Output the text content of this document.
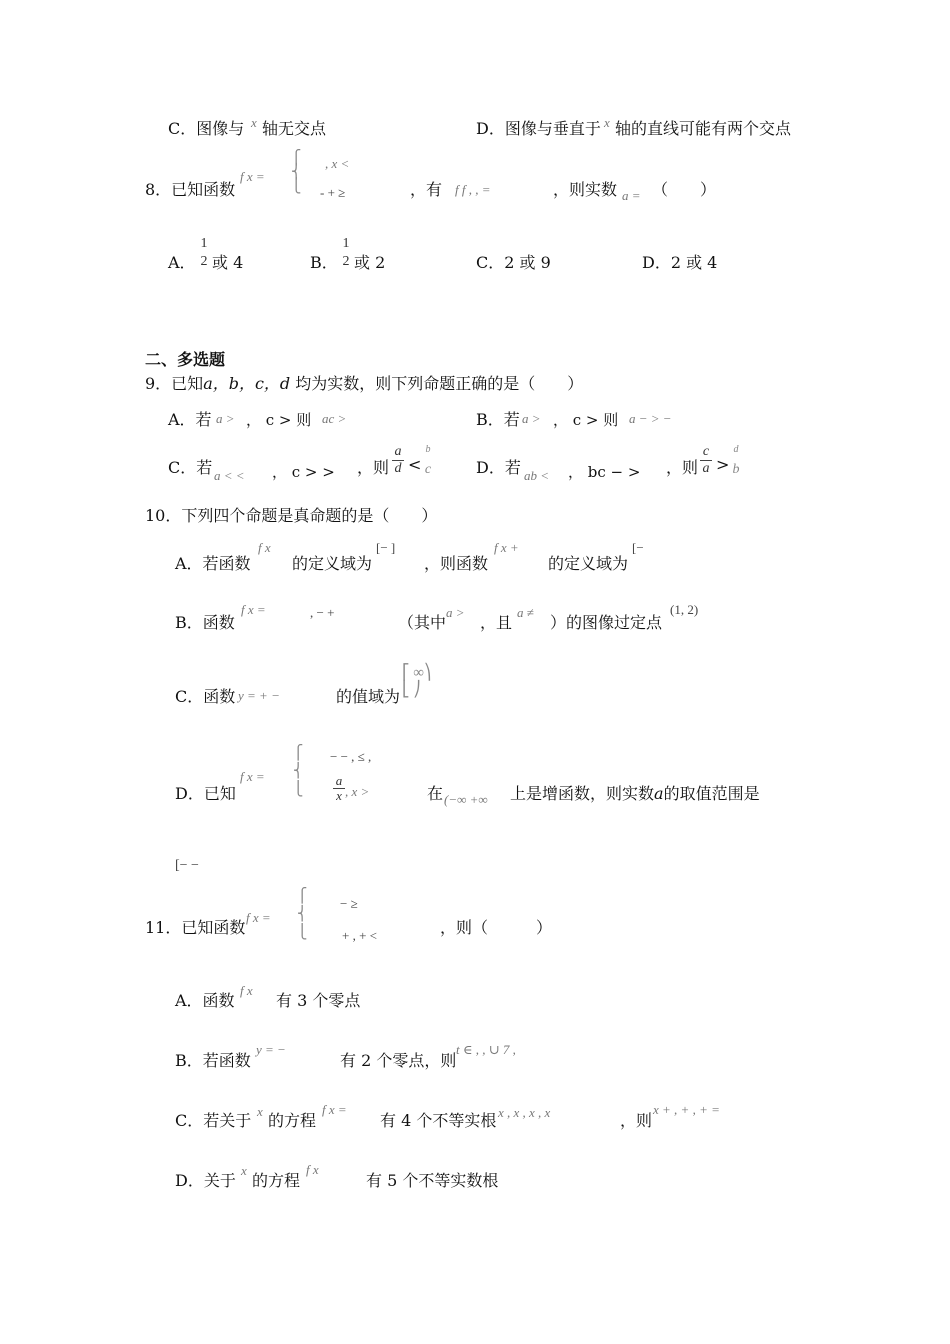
C．图像与 x 轴无交点	D．图像与垂直于 x 轴的直线可能有两个交点
8．已知函数
f x =
⎧
⎨
⎩
, x <
- + ≥	，有 f f , , =	，则实数 a = （　　）
A．
1
2 或 4	B．
1
2 或 2	C．2 或 9	D．2 或 4
二、多选题
9．已知a，b，c，d 均为实数，则下列命题正确的是（　　）
A．若 a > ， c > 则 ac >	B．若 a > ， c > 则 a − > −
C．若 a < < ， c > > ，则
a
d <
b
c	D．若 ab < ， bc − > ，则
c
a >
d
b
10．下列四个命题是真命题的是（　　）
A．若函数
f x
的定义域为
[− ]
，则函数
f x +
的定义域为
[−
B．函数
f x =	, − +
（其中
a >
，且
a ≠
）的图像过定点
(1, 2)
C．函数 y = + −	的值域为
⎡ ∞⎞
⎣ ⎠
D．已知
f x =
⎧
⎨
⎩
− − , ≤ ,
a
x , x >	在 (−∞ +∞ 上是增函数，则实数a的取值范围是
[− −
11．已知函数
f x =
⎧
⎨
⎩
− ≥
+ , + <	，则（　　　）
A．函数
f x
有 3 个零点
B．若函数
y = −
有 2 个零点，则
t ∈ , , ∪ 7 ,
C．若关于 x 的方程
f x =
有 4 个不等实根 x , x , x , x	，则
x + , + , + =
D．关于
x
的方程
f x
有 5 个不等实数根
